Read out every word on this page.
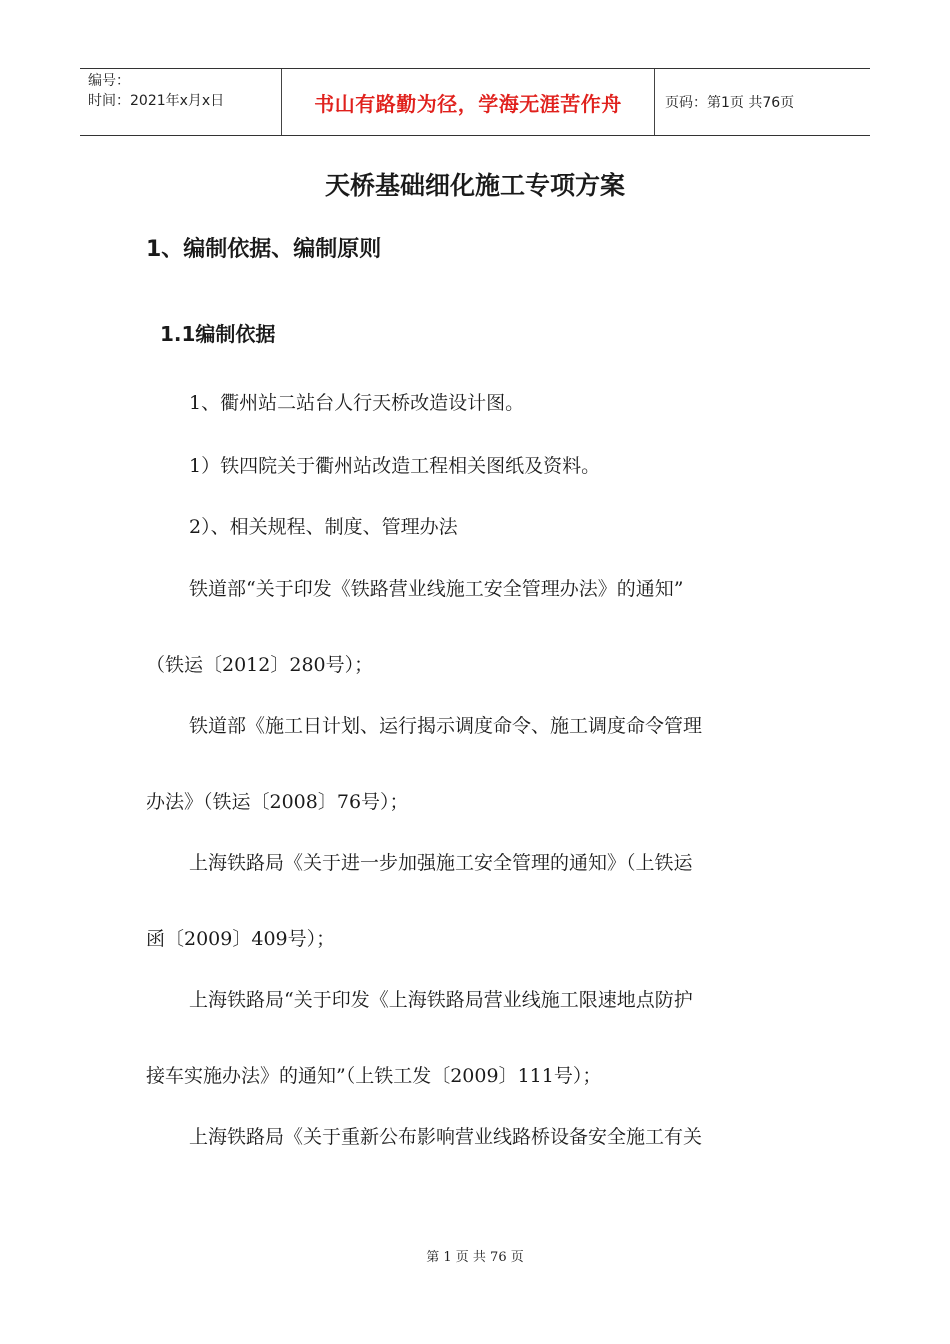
编号：
时间：2021年x月x日	书山有路勤为径，学海无涯苦作舟	页码：第1页 共76页
天桥基础细化施工专项方案
1、编制依据、编制原则
1.1编制依据

1、衢州站二站台人行天桥改造设计图。

1）铁四院关于衢州站改造工程相关图纸及资料。

2）、相关规程、制度、管理办法

铁道部“关于印发《铁路营业线施工安全管理办法》的通知”

（铁运〔2012〕280号）；

铁道部《施工日计划、运行揭示调度命令、施工调度命令管理

办法》（铁运〔2008〕76号）；

上海铁路局《关于进一步加强施工安全管理的通知》（上铁运

函〔2009〕409号）；

上海铁路局“关于印发《上海铁路局营业线施工限速地点防护

接车实施办法》的通知”（上铁工发〔2009〕111号）；

上海铁路局《关于重新公布影响营业线路桥设备安全施工有关

第 1 页 共 76 页
